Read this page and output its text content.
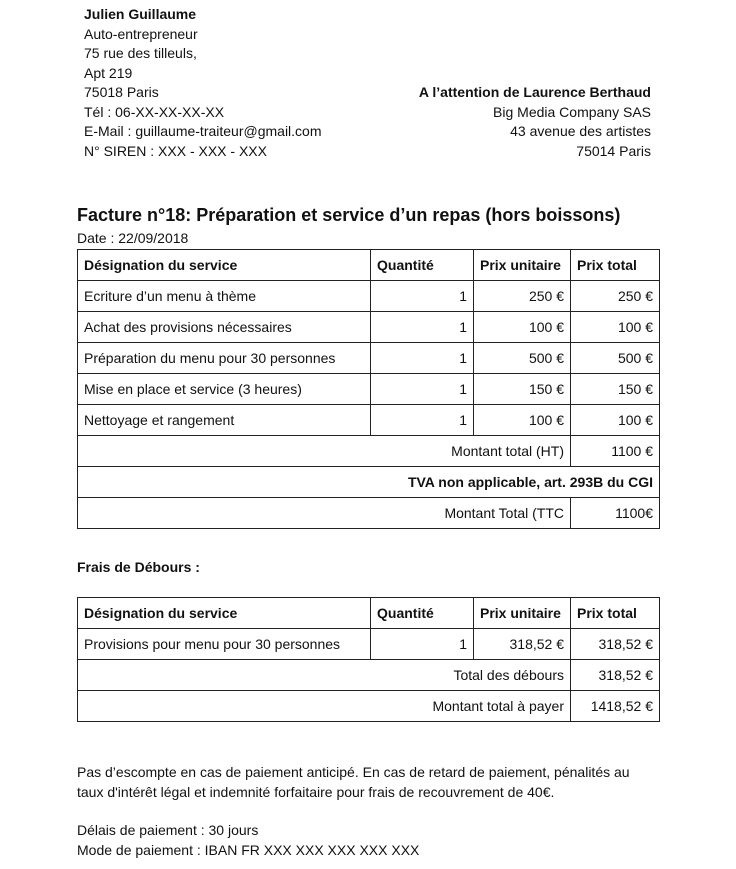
Julien Guillaume
Auto-entrepreneur
75 rue des tilleuls,
Apt 219
75018 Paris
Tél : 06-XX-XX-XX-XX
E-Mail : guillaume-traiteur@gmail.com
N° SIREN : XXX - XXX - XXX
A l’attention de Laurence Berthaud
Big Media Company SAS
43 avenue des artistes
75014 Paris
Facture n°18: Préparation et service d’un repas (hors boissons)
Date : 22/09/2018
Désignation du service	Quantité	Prix unitaire	Prix total
Ecriture d’un menu à thème	1	250 €	250 €
Achat des provisions nécessaires	1	100 €	100 €
Préparation du menu pour 30 personnes	1	500 €	500 €
Mise en place et service (3 heures)	1	150 €	150 €
Nettoyage et rangement	1	100 €	100 €
Montant total (HT)			1100 €
TVA non applicable, art. 293B du CGI			
Montant Total (TTC			1100€
Frais de Débours :
Désignation du service	Quantité	Prix unitaire	Prix total
Provisions pour menu pour 30 personnes	1	318,52 €	318,52 €
Total des débours			318,52 €
Montant total à payer			1418,52 €
Pas d’escompte en cas de paiement anticipé. En cas de retard de paiement, pénalités au
taux d'intérêt légal et indemnité forfaitaire pour frais de recouvrement de 40€.
Délais de paiement : 30 jours
Mode de paiement : IBAN FR XXX XXX XXX XXX XXX
